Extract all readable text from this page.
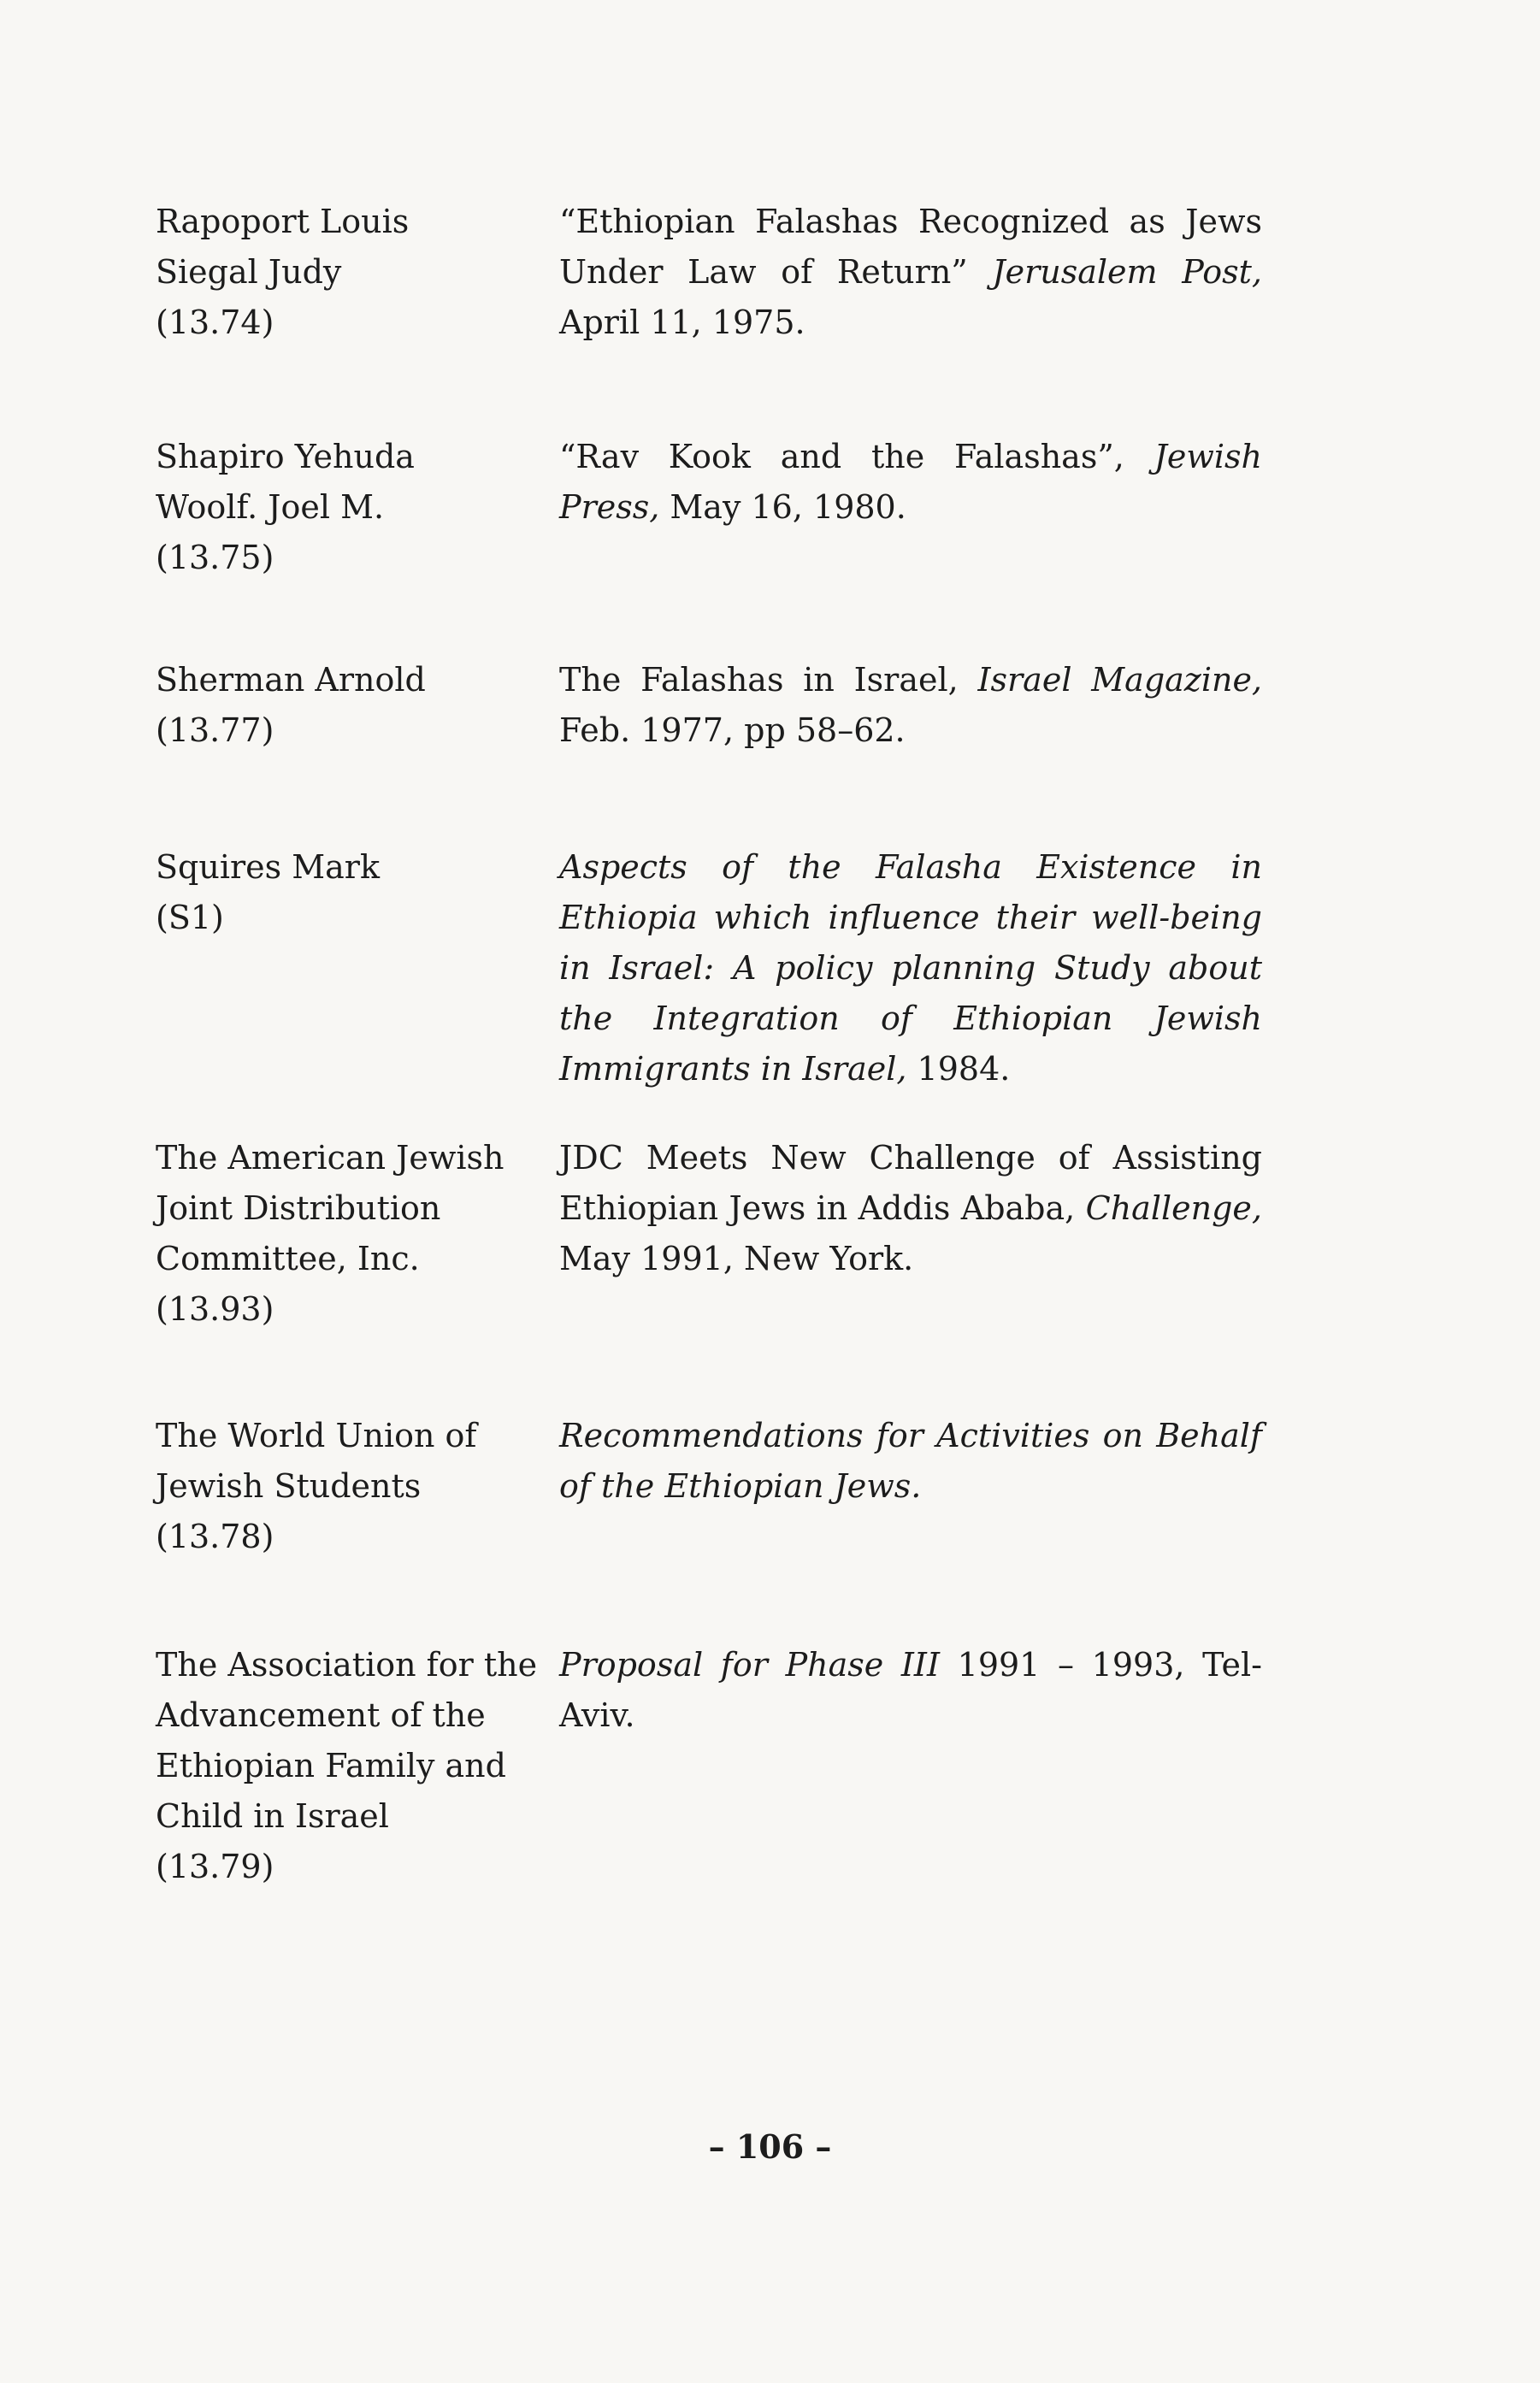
Rapoport Louis
Siegal Judy
(13.74)
“Ethiopian Falashas Recognized as Jews Under Law of Return” Jerusalem Post, April 11, 1975.
Shapiro Yehuda
Woolf. Joel M.
(13.75)
“Rav Kook and the Falashas”, Jewish Press, May 16, 1980.
Sherman Arnold
(13.77)
The Falashas in Israel, Israel Magazine, Feb. 1977, pp 58–62.
Squires Mark
(S1)
Aspects of the Falasha Existence in Ethiopia which influence their well-being in Israel: A policy planning Study about the Integration of Ethiopian Jewish Immigrants in Israel, 1984.
The American Jewish
Joint Distribution
Committee, Inc.
(13.93)
JDC Meets New Challenge of Assisting Ethiopian Jews in Addis Ababa, Challenge, May 1991, New York.
The World Union of
Jewish Students
(13.78)
Recommendations for Activities on Behalf of the Ethiopian Jews.
The Association for the
Advancement of the
Ethiopian Family and
Child in Israel
(13.79)
Proposal for Phase III 1991 – 1993, Tel-Aviv.
– 106 –
